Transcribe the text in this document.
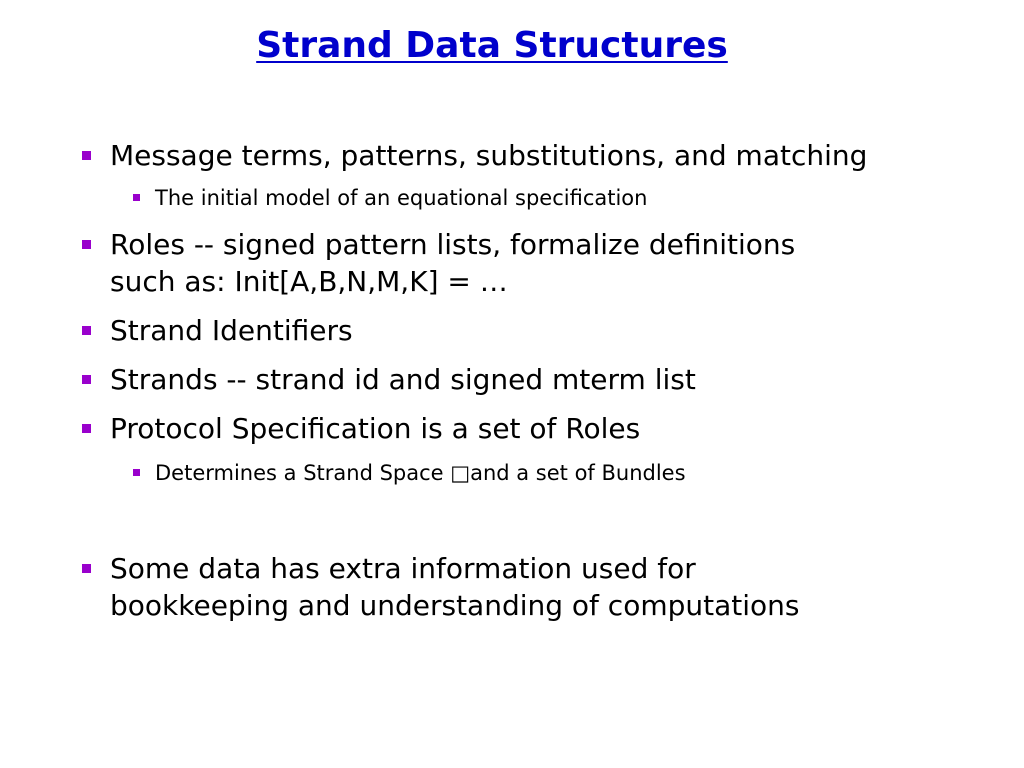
Strand Data Structures
Message terms, patterns, substitutions, and matching
The initial model of an equational specification
Roles -- signed pattern lists, formalize definitions
such as: Init[A,B,N,M,K] = …
Strand Identifiers
Strands -- strand id and signed mterm list
Protocol Specification is a set of Roles
Determines a Strand Space □and a set of Bundles
Some data has extra information used for
bookkeeping and understanding of computations
